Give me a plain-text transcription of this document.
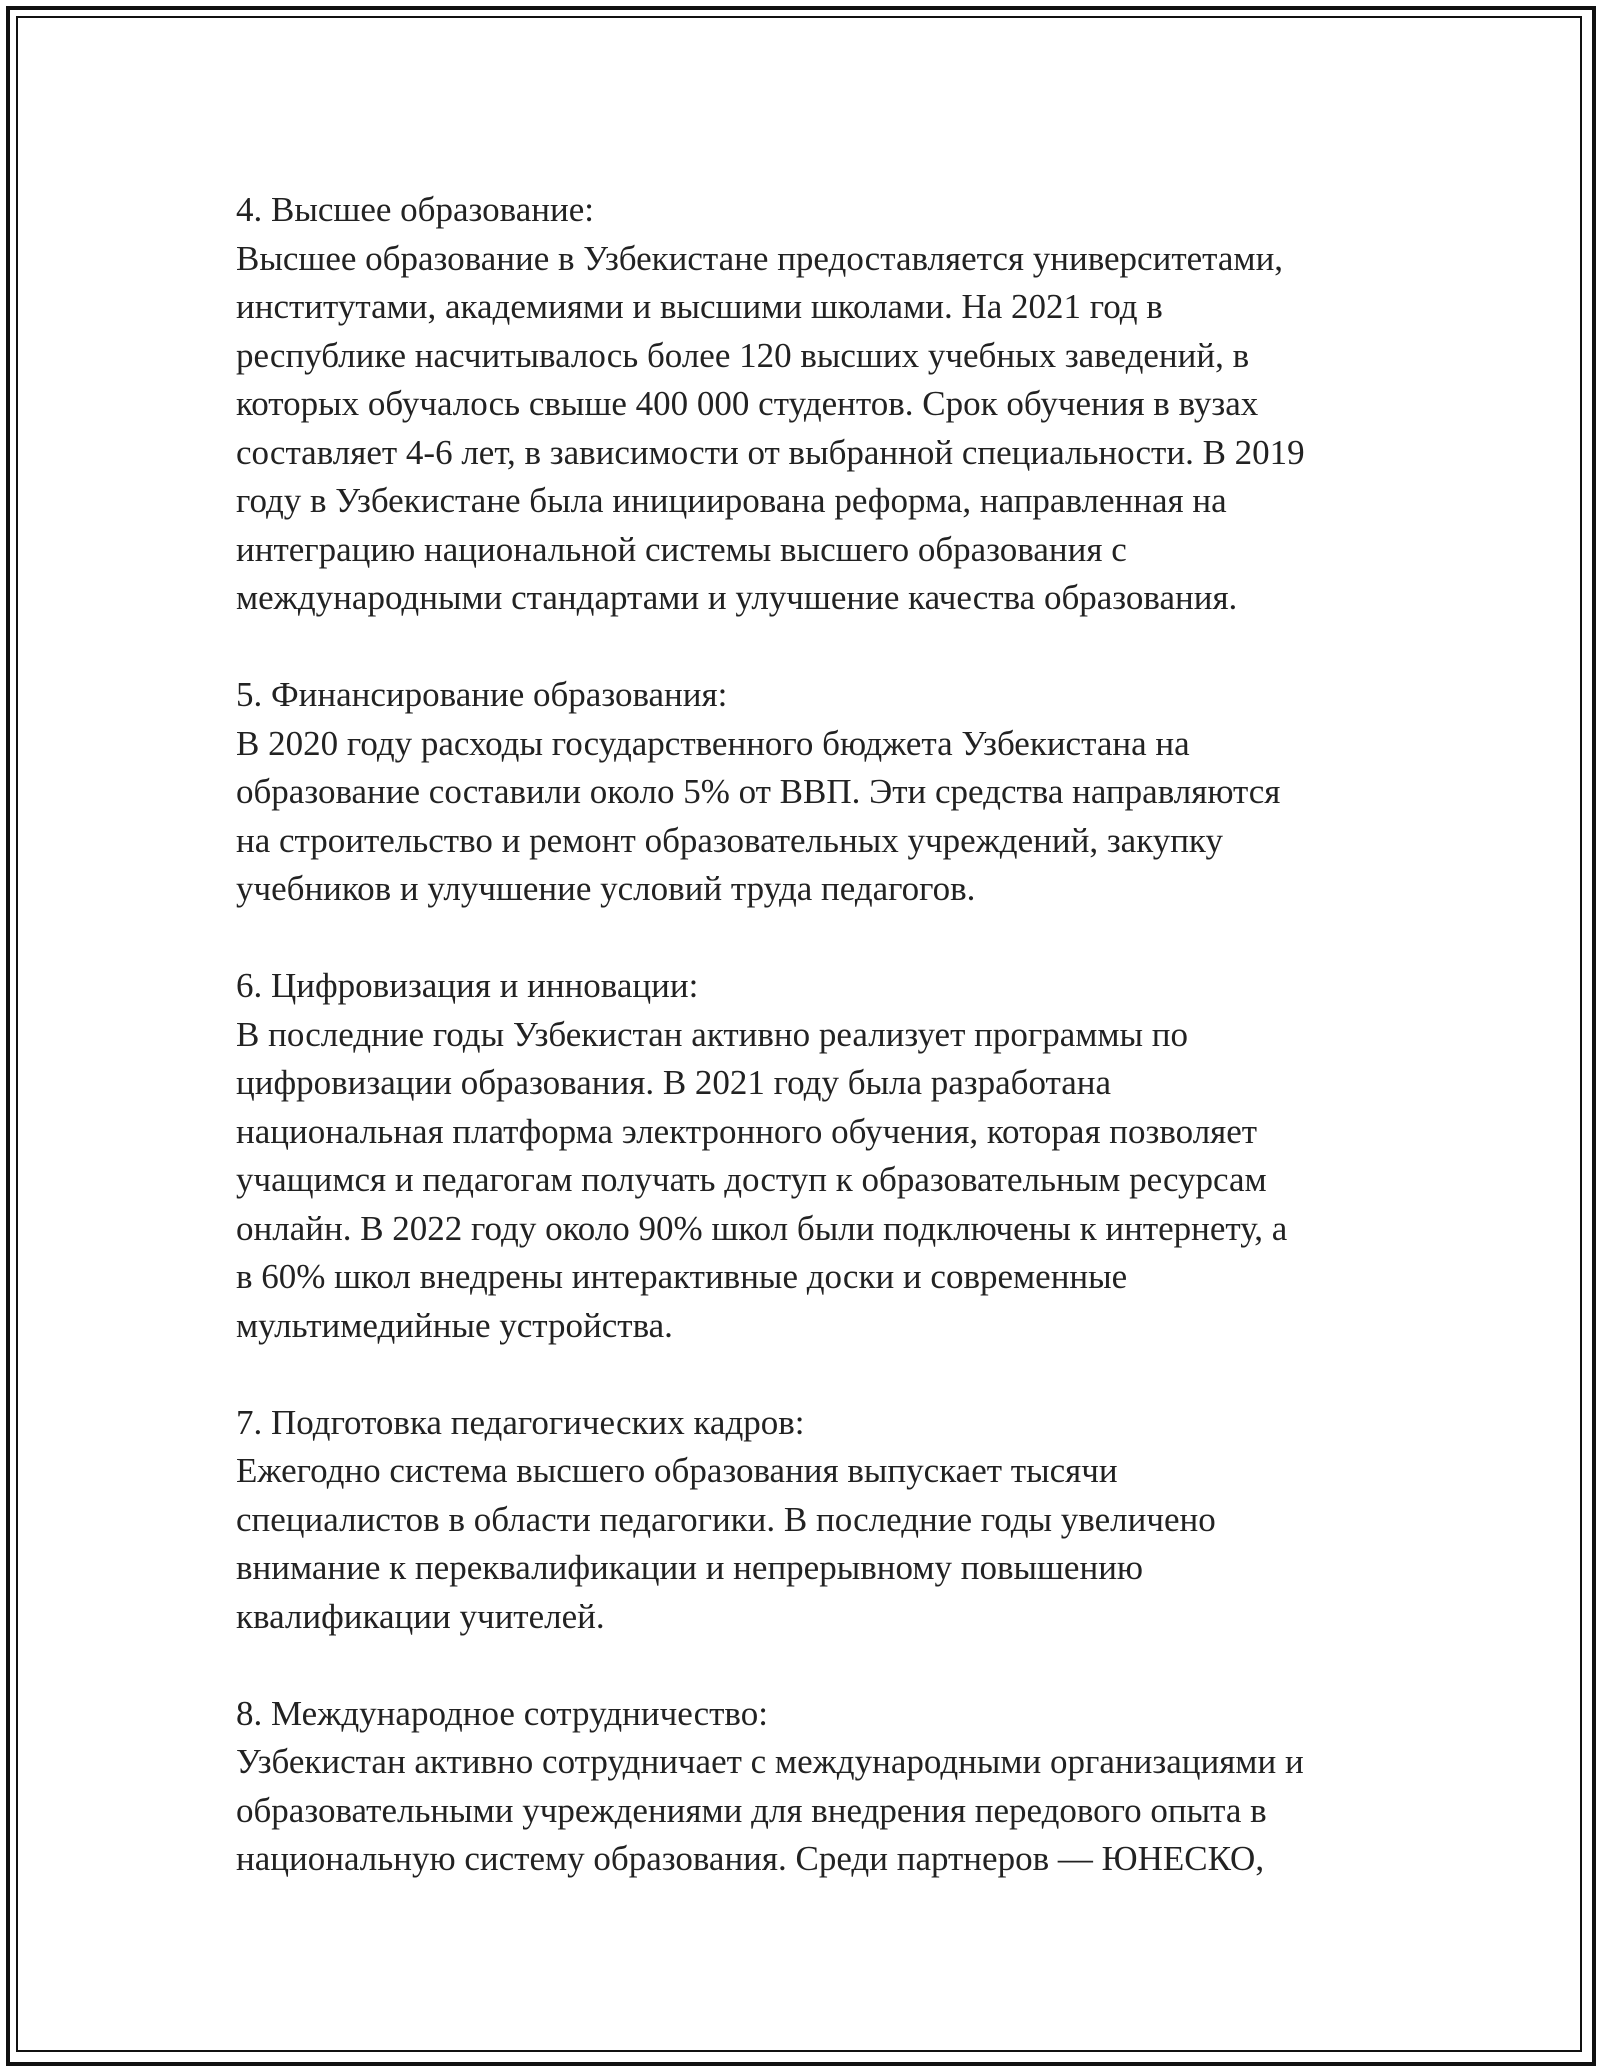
4. Высшее образование:

Высшее образование в Узбекистане предоставляется университетами,
институтами, академиями и высшими школами. На 2021 год в
республике насчитывалось более 120 высших учебных заведений, в
которых обучалось свыше 400 000 студентов. Срок обучения в вузах
составляет 4-6 лет, в зависимости от выбранной специальности. В 2019
году в Узбекистане была инициирована реформа, направленная на
интеграцию национальной системы высшего образования с
международными стандартами и улучшение качества образования.

5. Финансирование образования:

В 2020 году расходы государственного бюджета Узбекистана на
образование составили около 5% от ВВП. Эти средства направляются
на строительство и ремонт образовательных учреждений, закупку
учебников и улучшение условий труда педагогов.

6. Цифровизация и инновации:

В последние годы Узбекистан активно реализует программы по
цифровизации образования. В 2021 году была разработана
национальная платформа электронного обучения, которая позволяет
учащимся и педагогам получать доступ к образовательным ресурсам
онлайн. В 2022 году около 90% школ были подключены к интернету, а
в 60% школ внедрены интерактивные доски и современные
мультимедийные устройства.

7. Подготовка педагогических кадров:

Ежегодно система высшего образования выпускает тысячи
специалистов в области педагогики. В последние годы увеличено
внимание к переквалификации и непрерывному повышению
квалификации учителей.

8. Международное сотрудничество:

Узбекистан активно сотрудничает с международными организациями и
образовательными учреждениями для внедрения передового опыта в
национальную систему образования. Среди партнеров — ЮНЕСКО,
